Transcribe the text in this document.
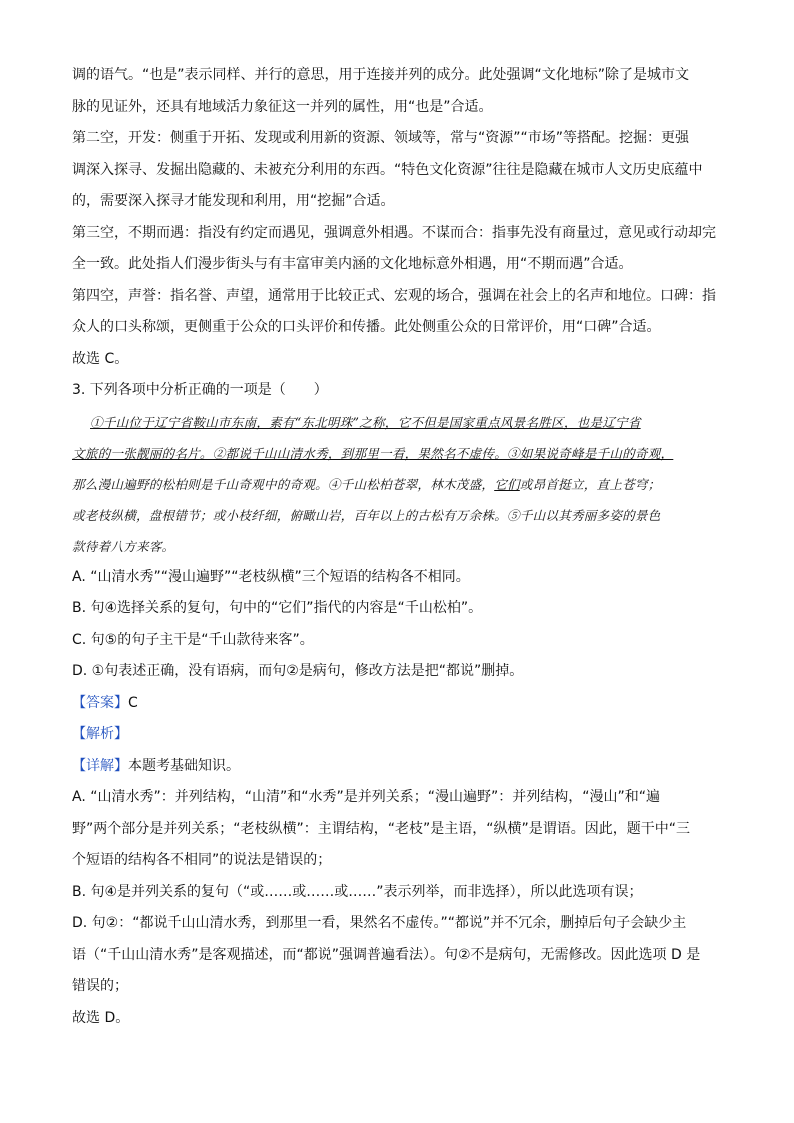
调的语气。“也是”表示同样、并行的意思，用于连接并列的成分。此处强调“文化地标”除了是城市文
脉的见证外，还具有地域活力象征这一并列的属性，用“也是”合适。
第二空，开发：侧重于开拓、发现或利用新的资源、领域等，常与“资源”“市场”等搭配。挖掘：更强
调深入探寻、发掘出隐藏的、未被充分利用的东西。“特色文化资源”往往是隐藏在城市人文历史底蕴中
的，需要深入探寻才能发现和利用，用“挖掘”合适。
第三空，不期而遇：指没有约定而遇见，强调意外相遇。不谋而合：指事先没有商量过，意见或行动却完
全一致。此处指人们漫步街头与有丰富审美内涵的文化地标意外相遇，用“不期而遇”合适。
第四空，声誉：指名誉、声望，通常用于比较正式、宏观的场合，强调在社会上的名声和地位。口碑：指
众人的口头称颂，更侧重于公众的口头评价和传播。此处侧重公众的日常评价，用“口碑”合适。
故选 C。
3. 下列各项中分析正确的一项是（　　）
①千山位于辽宁省鞍山市东南，素有“东北明珠”之称，它不但是国家重点风景名胜区，也是辽宁省
文旅的一张靓丽的名片。②都说千山山清水秀，到那里一看，果然名不虚传。③如果说奇峰是千山的奇观，
那么漫山遍野的松柏则是千山奇观中的奇观。④千山松柏苍翠，林木茂盛，它们或昂首挺立，直上苍穹；
或老枝纵横，盘根错节；或小枝纤细，俯瞰山岩，百年以上的古松有万余株。⑤千山以其秀丽多姿的景色
款待着八方来客。
A. “山清水秀”“漫山遍野”“老枝纵横”三个短语的结构各不相同。
B. 句④选择关系的复句，句中的“它们”指代的内容是“千山松柏”。
C. 句⑤的句子主干是“千山款待来客”。
D. ①句表述正确，没有语病，而句②是病句，修改方法是把“都说”删掉。
【答案】C
【解析】
【详解】本题考基础知识。
A. “山清水秀”：并列结构，“山清”和“水秀”是并列关系；“漫山遍野”：并列结构，“漫山”和“遍
野”两个部分是并列关系；“老枝纵横”：主谓结构，“老枝”是主语，“纵横”是谓语。因此，题干中“三
个短语的结构各不相同”的说法是错误的；
B. 句④是并列关系的复句（“或……或……或……”表示列举，而非选择），所以此选项有误；
D. 句②：“都说千山山清水秀，到那里一看，果然名不虚传。”“都说”并不冗余，删掉后句子会缺少主
语（“千山山清水秀”是客观描述，而“都说”强调普遍看法）。句②不是病句，无需修改。因此选项 D 是
错误的；
故选 D。
